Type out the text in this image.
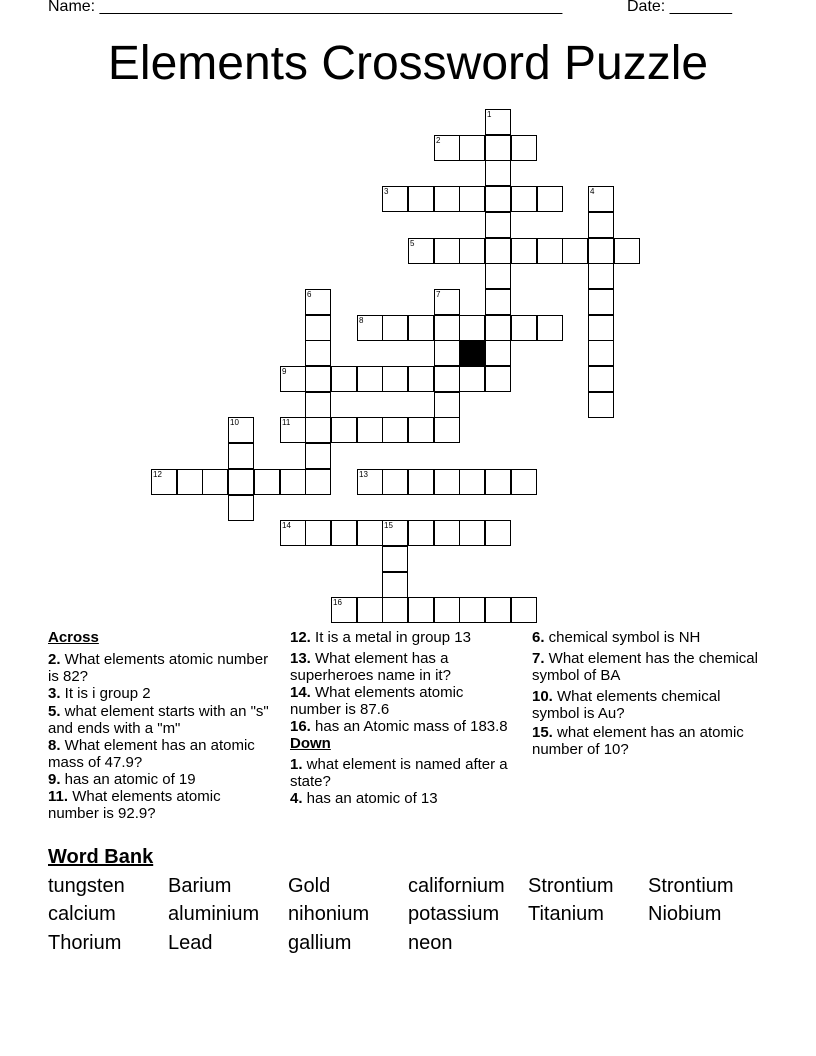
Name: ____________________________________________________	Date: _______
Elements Crossword Puzzle
1
2
3	4
5
6	7
8
9
10	11
12	13
14	15
16
Across
2. What elements atomic number is 82?
3. It is i group 2
5. what element starts with an "s" and ends with a "m"
8. What element has an atomic mass of 47.9?
9. has an atomic of 19
11. What elements atomic number is 92.9?
12. It is a metal in group 13
13. What element has a superheroes name in it?
14. What elements atomic number is 87.6
16. has an Atomic mass of 183.8
Down
1. what element is named after a state?
4. has an atomic of 13
6. chemical symbol is NH
7. What element has the chemical symbol of BA
10. What elements chemical symbol is Au?
15. what element has an atomic number of 10?
Word Bank
tungsten Barium	Gold	californium Strontium Strontium
calcium	aluminium nihonium potassium Titanium Niobium
Thorium Lead	gallium	neon
